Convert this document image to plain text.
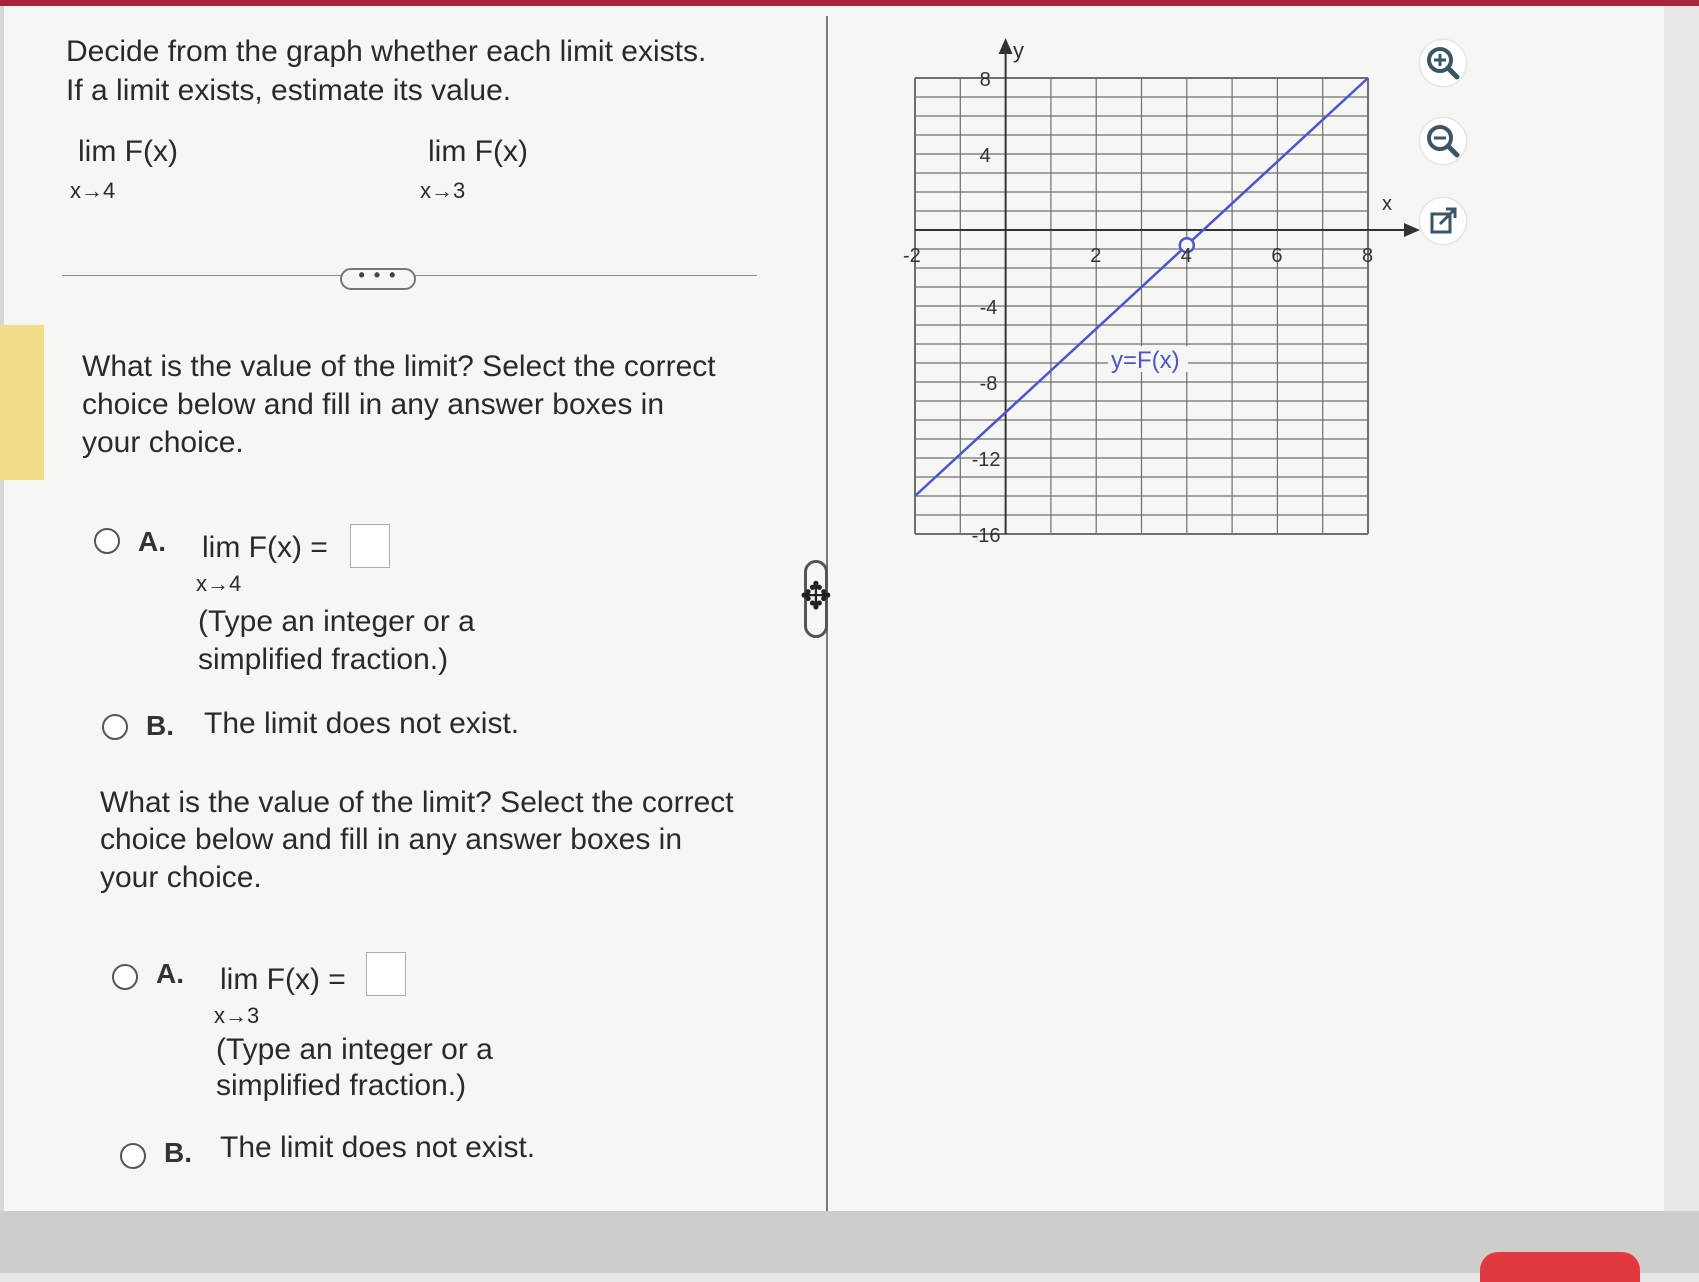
Decide from the graph whether each limit exists.
If a limit exists, estimate its value.
lim F(x)
x→4
lim F(x)
x→3
• • •
What is the value of the limit? Select the correct
choice below and fill in any answer boxes in
your choice.
A. lim F(x) =
x→4
(Type an integer or a
simplified fraction.)
B. The limit does not exist.
What is the value of the limit? Select the correct
choice below and fill in any answer boxes in
your choice.
A. lim F(x) =
x→3
(Type an integer or a
simplified fraction.)
B. The limit does not exist.
✥
-2	2	4	6	8
8
4
-4
-8
-12
-16
x
y
y=F(x)
